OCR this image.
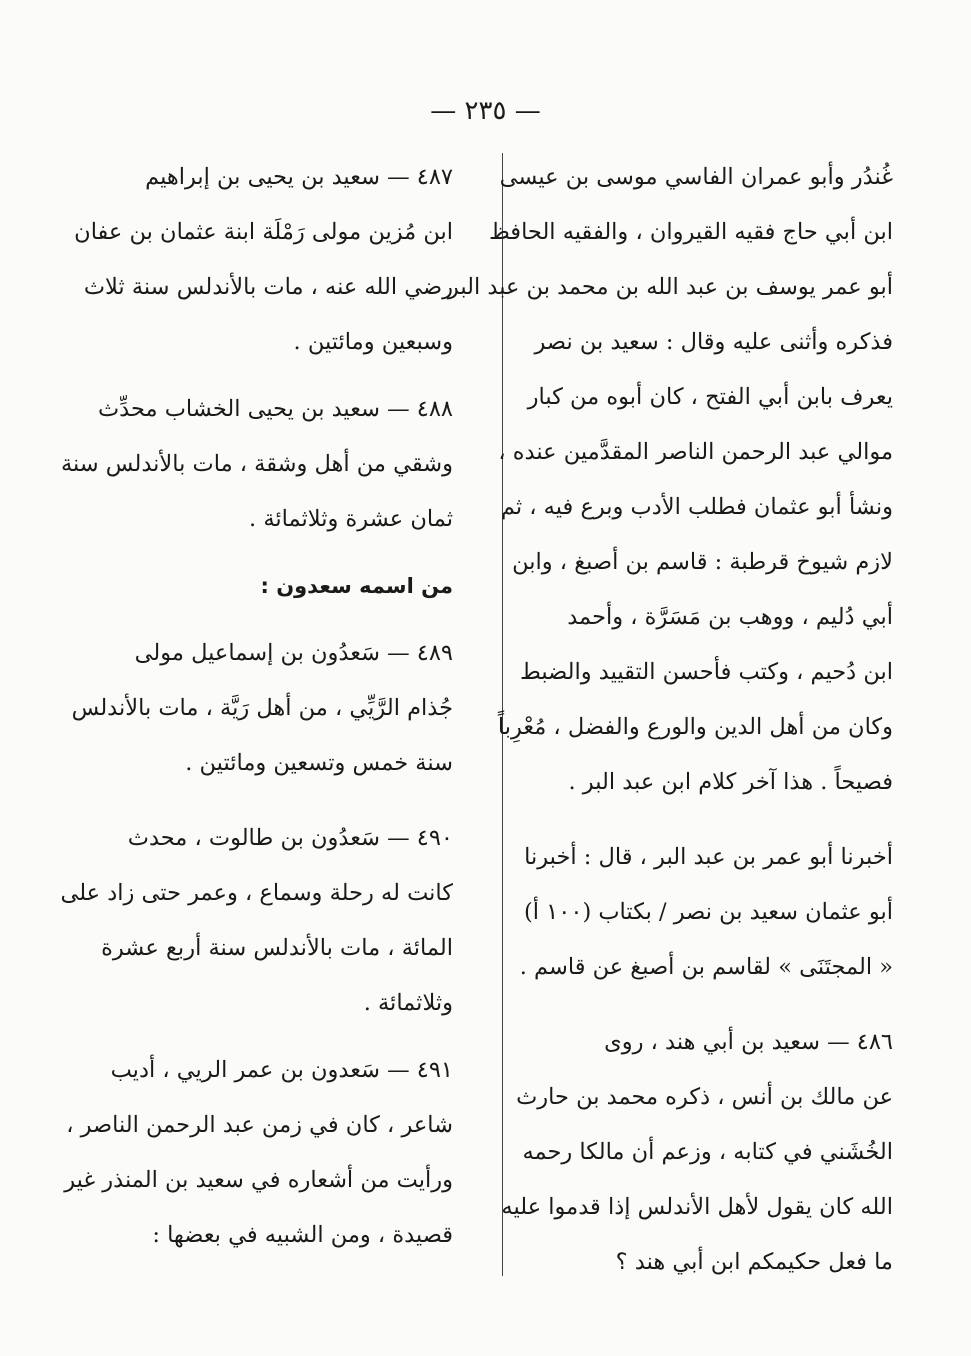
— ٢٣٥ —
غُندُر وأبو عمران الفاسي موسى بن عيسى
ابن أبي حاج فقيه القيروان ، والفقيه الحافظ
أبو عمر يوسف بن عبد الله بن محمد بن عبد البر
فذكره وأثنى عليه وقال : سعيد بن نصر
يعرف بابن أبي الفتح ، كان أبوه من كبار
موالي عبد الرحمن الناصر المقدَّمين عنده ،
ونشأ أبو عثمان فطلب الأدب وبرع فيه ، ثم
لازم شيوخ قرطبة : قاسم بن أصبغ ، وابن
أبي دُليم ، ووهب بن مَسَرَّة ، وأحمد
ابن دُحيم ، وكتب فأحسن التقييد والضبط
وكان من أهل الدين والورع والفضل ، مُعْرِباً
فصيحاً . هذا آخر كلام ابن عبد البر .
أخبرنا أبو عمر بن عبد البر ، قال : أخبرنا
أبو عثمان سعيد بن نصر / بكتاب (١٠٠ أ)
« المجتَنَى » لقاسم بن أصبغ عن قاسم .
٤٨٦ — سعيد بن أبي هند ، روى
عن مالك بن أنس ، ذكره محمد بن حارث
الخُشَني في كتابه ، وزعم أن مالكا رحمه
الله كان يقول لأهل الأندلس إذا قدموا عليه
ما فعل حكيمكم ابن أبي هند ؟
٤٨٧ — سعيد بن يحيى بن إبراهيم
ابن مُزين مولى رَمْلَة ابنة عثمان بن عفان
رضي الله عنه ، مات بالأندلس سنة ثلاث
وسبعين ومائتين .
٤٨٨ — سعيد بن يحيى الخشاب محدِّث
وشقي من أهل وشقة ، مات بالأندلس سنة
ثمان عشرة وثلاثمائة .
من اسمه سعدون :
٤٨٩ — سَعدُون بن إسماعيل مولى
جُذام الرَّيِّي ، من أهل رَيَّة ، مات بالأندلس
سنة خمس وتسعين ومائتين .
٤٩٠ — سَعدُون بن طالوت ، محدث
كانت له رحلة وسماع ، وعمر حتى زاد على
المائة ، مات بالأندلس سنة أربع عشرة
وثلاثمائة .
٤٩١ — سَعدون بن عمر الريي ، أديب
شاعر ، كان في زمن عبد الرحمن الناصر ،
ورأيت من أشعاره في سعيد بن المنذر غير
قصيدة ، ومن الشبيه في بعضها :
